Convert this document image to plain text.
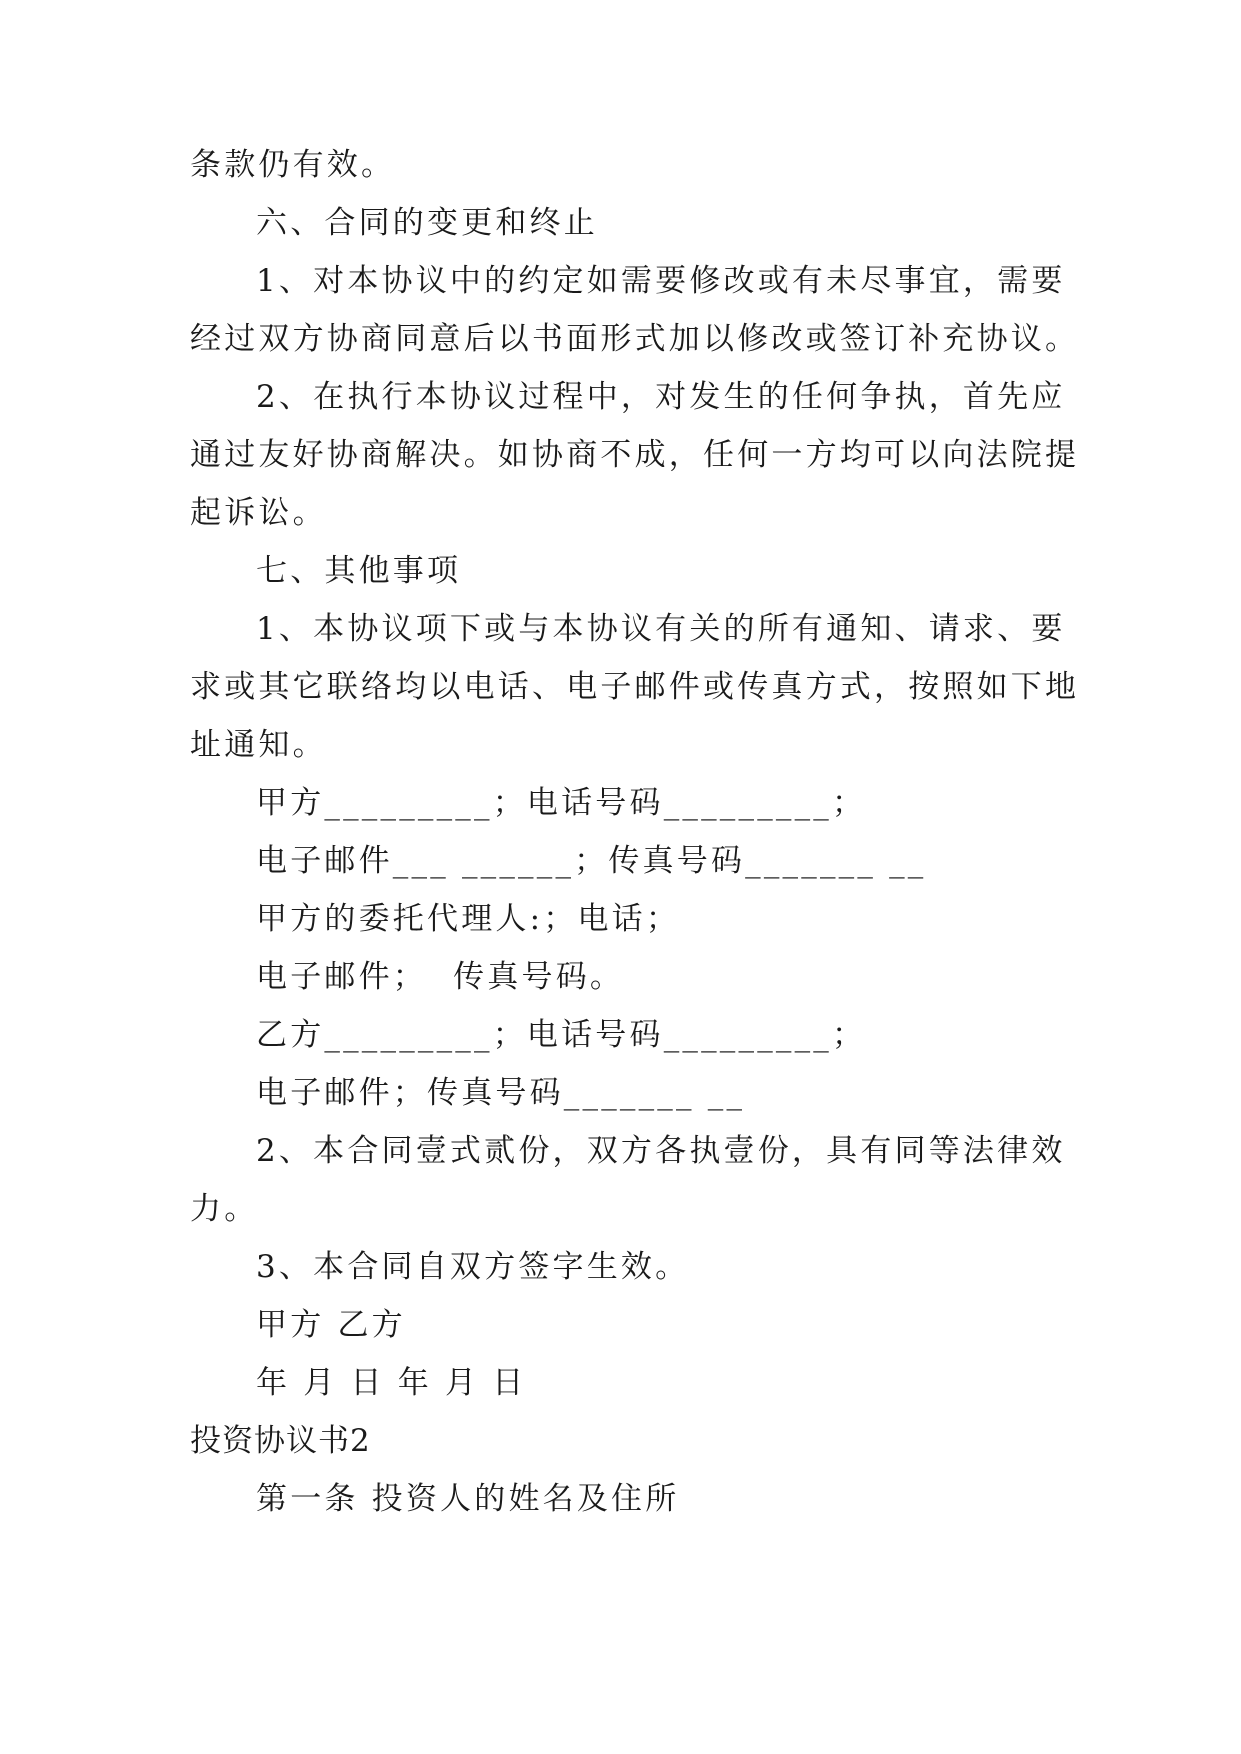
条款仍有效。
六、合同的变更和终止
1、对本协议中的约定如需要修改或有未尽事宜，需要
经过双方协商同意后以书面形式加以修改或签订补充协议。
2、在执行本协议过程中，对发生的任何争执，首先应
通过友好协商解决。如协商不成，任何一方均可以向法院提
起诉讼。
七、其他事项
1、本协议项下或与本协议有关的所有通知、请求、要
求或其它联络均以电话、电子邮件或传真方式，按照如下地
址通知。
甲方_________；电话号码_________；
电子邮件___ ______；传真号码_______ __
甲方的委托代理人:；电话；
电子邮件；  传真号码。
乙方_________；电话号码_________；
电子邮件；传真号码_______ __
2、本合同壹式贰份，双方各执壹份，具有同等法律效
力。
3、本合同自双方签字生效。
甲方 乙方
年 月 日 年 月 日
投资协议书2
第一条 投资人的姓名及住所
